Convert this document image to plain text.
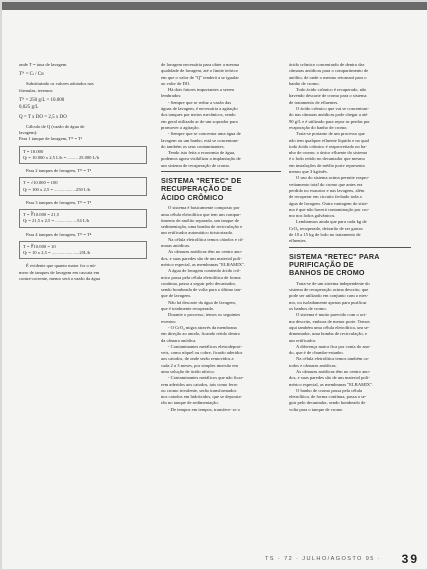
onde T = taxa de lavagem

Tᴺ = Cₗ / Cɴ

Substituindo os valores adotados nas
fórmulas, teremos:

Tᴺ = 250 g/L = 10.000
0,025 g/L

Q = T x DO = 2,5 x DO

Cálculo de Q (vazão de água de
lavagem):
Para 1 tanque de lavagem, Tᴺ = T¹

T = 10.000
Qₗ = 10.000 x 2,5 L/h = ......... 25.000 L/h

Para 2 tanques de lavagem, Tᴺ = T²

T = √10.000 = 100
Qₗ = 100 x 2,5 = ...................250 L/h

Para 3 tanques de lavagem, Tᴺ = T³

T = ∛10.000 = 21,5
Qₗ = 21,5 x 2,5 = ...................54 L/h

Para 4 tanques de lavagem, Tᴺ = T⁴

T = ∜10.000 = 10
Qₗ = 10 x 2,5 = ........................25L/h

É evidente que quanto maior for o nú-
mero de tanques de lavagem em cascata em
contra-corrente, menor será a vazão da água

de lavagem necessária para obter a mesma
qualidade de lavagem, até o limite teórico
em que o valor de "Q" tenderá a se igualar
ao valor de DO.

Há dois fatores importantes a serem
lembrados:

- Sempre que se reduz a vazão das
águas de lavagem, é necessária a agitação
dos tanques por meios mecânicos, sendo
em geral utilizado ar de um soprador para
promover a agitação.

- Sempre que se concentra uma água de
lavagem ou um banho, está se concentran-
do também os seus contaminantes.

Tendo isto feita a economia de água,
podemos agora visibilizar a implantação de
um sistema de recuperação de cromo.

SISTEMA "RETEC" DE
RECUPERAÇÃO DE
ÁCIDO CRÔMICO

O sistema é basicamente composto por
uma célula eletrolítica que tem um compar-
timento de anólito separado, um tanque de
sedimentação, uma bomba de recirculação e
um retificador automático tiristorizado.

Na célula eletrolítica temos cátodos e câ-
maras anódicas.

As câmaras anódicas têm no centro ano-
dos, e suas paredes são de um material poli-
mérico especial, as membranas "ELRAMIX".

A água de lavagem contendo ácido crô-
mico passa pela célula eletrolítica de forma
contínua, passa a seguir pelo decantador,
sendo bombeada de volta para o último tan-
que de lavagem.

Não há descarte da água de lavagem,
que é totalmente recuperada.

Durante o processo, temos os seguintes
eventos:

- O CrO₄ migra através da membrana
em direção ao anodo, ficando retido dentro
da câmara anódica.

- Contaminantes metálicos eletrodeposi-
veis, como níquel ou cobre, ficarão aderidos
aos catodos, de onde serão removidos a
cada 2 a 3 meses, por simples imersão em
uma solução de ácido nítrico.

- Contaminantes metálicos que não ficar-
rem aderidos aos catodos, tais como ferro
ou cromo trivalente, serão transformados
nos catodos em hidróxidos, que se deposita-
rão no tanque de sedimentação.

- De tempos em tempos, transfere- se o

ácido crômico concentrado de dentro das
câmaras anódicas para o compartimento de
anólito, de onde o mesmo retornará para o
banho de cromo.

Todo ácido crômico é recuperado, não
havendo descarte de cromo para o sistema
de tratamento de efluentes.

O ácido crômico que vai se concentran-
do nas câmaras anódicas pode chegar a até
90 g/L e é utilizado para repor as perdas por
evaporação do banho de cromo.

Trata-se portanto de um processo que
não tem qualquer efluente líquido e no qual
todo ácido crômico é reaproveitado no ba-
nho de cromo; o único efluente do sistema
é o lodo retido no decantador que mesmo
em instalações de médio porte representa
menos que 3 kg/mês.

O uso do sistema acima permite reapro-
veitamento total do cromo que antes era
perdido no exaustor e nas lavagens, além
de recuperar em circuito fechado toda a
água de lavagem. Outra vantagem do siste-
ma é que não haverá contaminação por cro-
mo nos lodos galvânicos.

Lembramos ainda que para cada kg de
CrO₃ recuperado, deixarão de ser gastos
de 10 a 15 kg de lodo no tratamento de
efluentes.

SISTEMA "RETEC" PARA
PURIFICAÇÃO DE
BANHOS DE CROMO

Trata-se de um sistema independente do
sistema de recuperação acima descrito, que
pode ser utilizado em conjunto com o mes-
mo, ou isoladamente apenas para purificar
os banhos de cromo.

O sistema é muito parecido com o aci-
ma descrito, embora de menor porte. Temos
aqui também uma célula eletrolítica, um se-
dimentador, uma bomba de recirculação, e
um retificador.

A diferença maior fica por conta do ano-
do, que é de chumbo-estanho.

Na célula eletrolítica temos também ca-
todos e câmaras anódicas.

As câmaras anódicas têm no centro ano-
dos, e suas paredes são de um material poli-
mérico especial, as membranas "ELRAMIX".

O banho de cromo passa pela célula
eletrolítica, de forma contínua, passa a se-
guir pelo decantador, sendo bombeado de
volta para o tanque de cromo

TS · 72 · JULHO/AGOSTO 95 · 39
